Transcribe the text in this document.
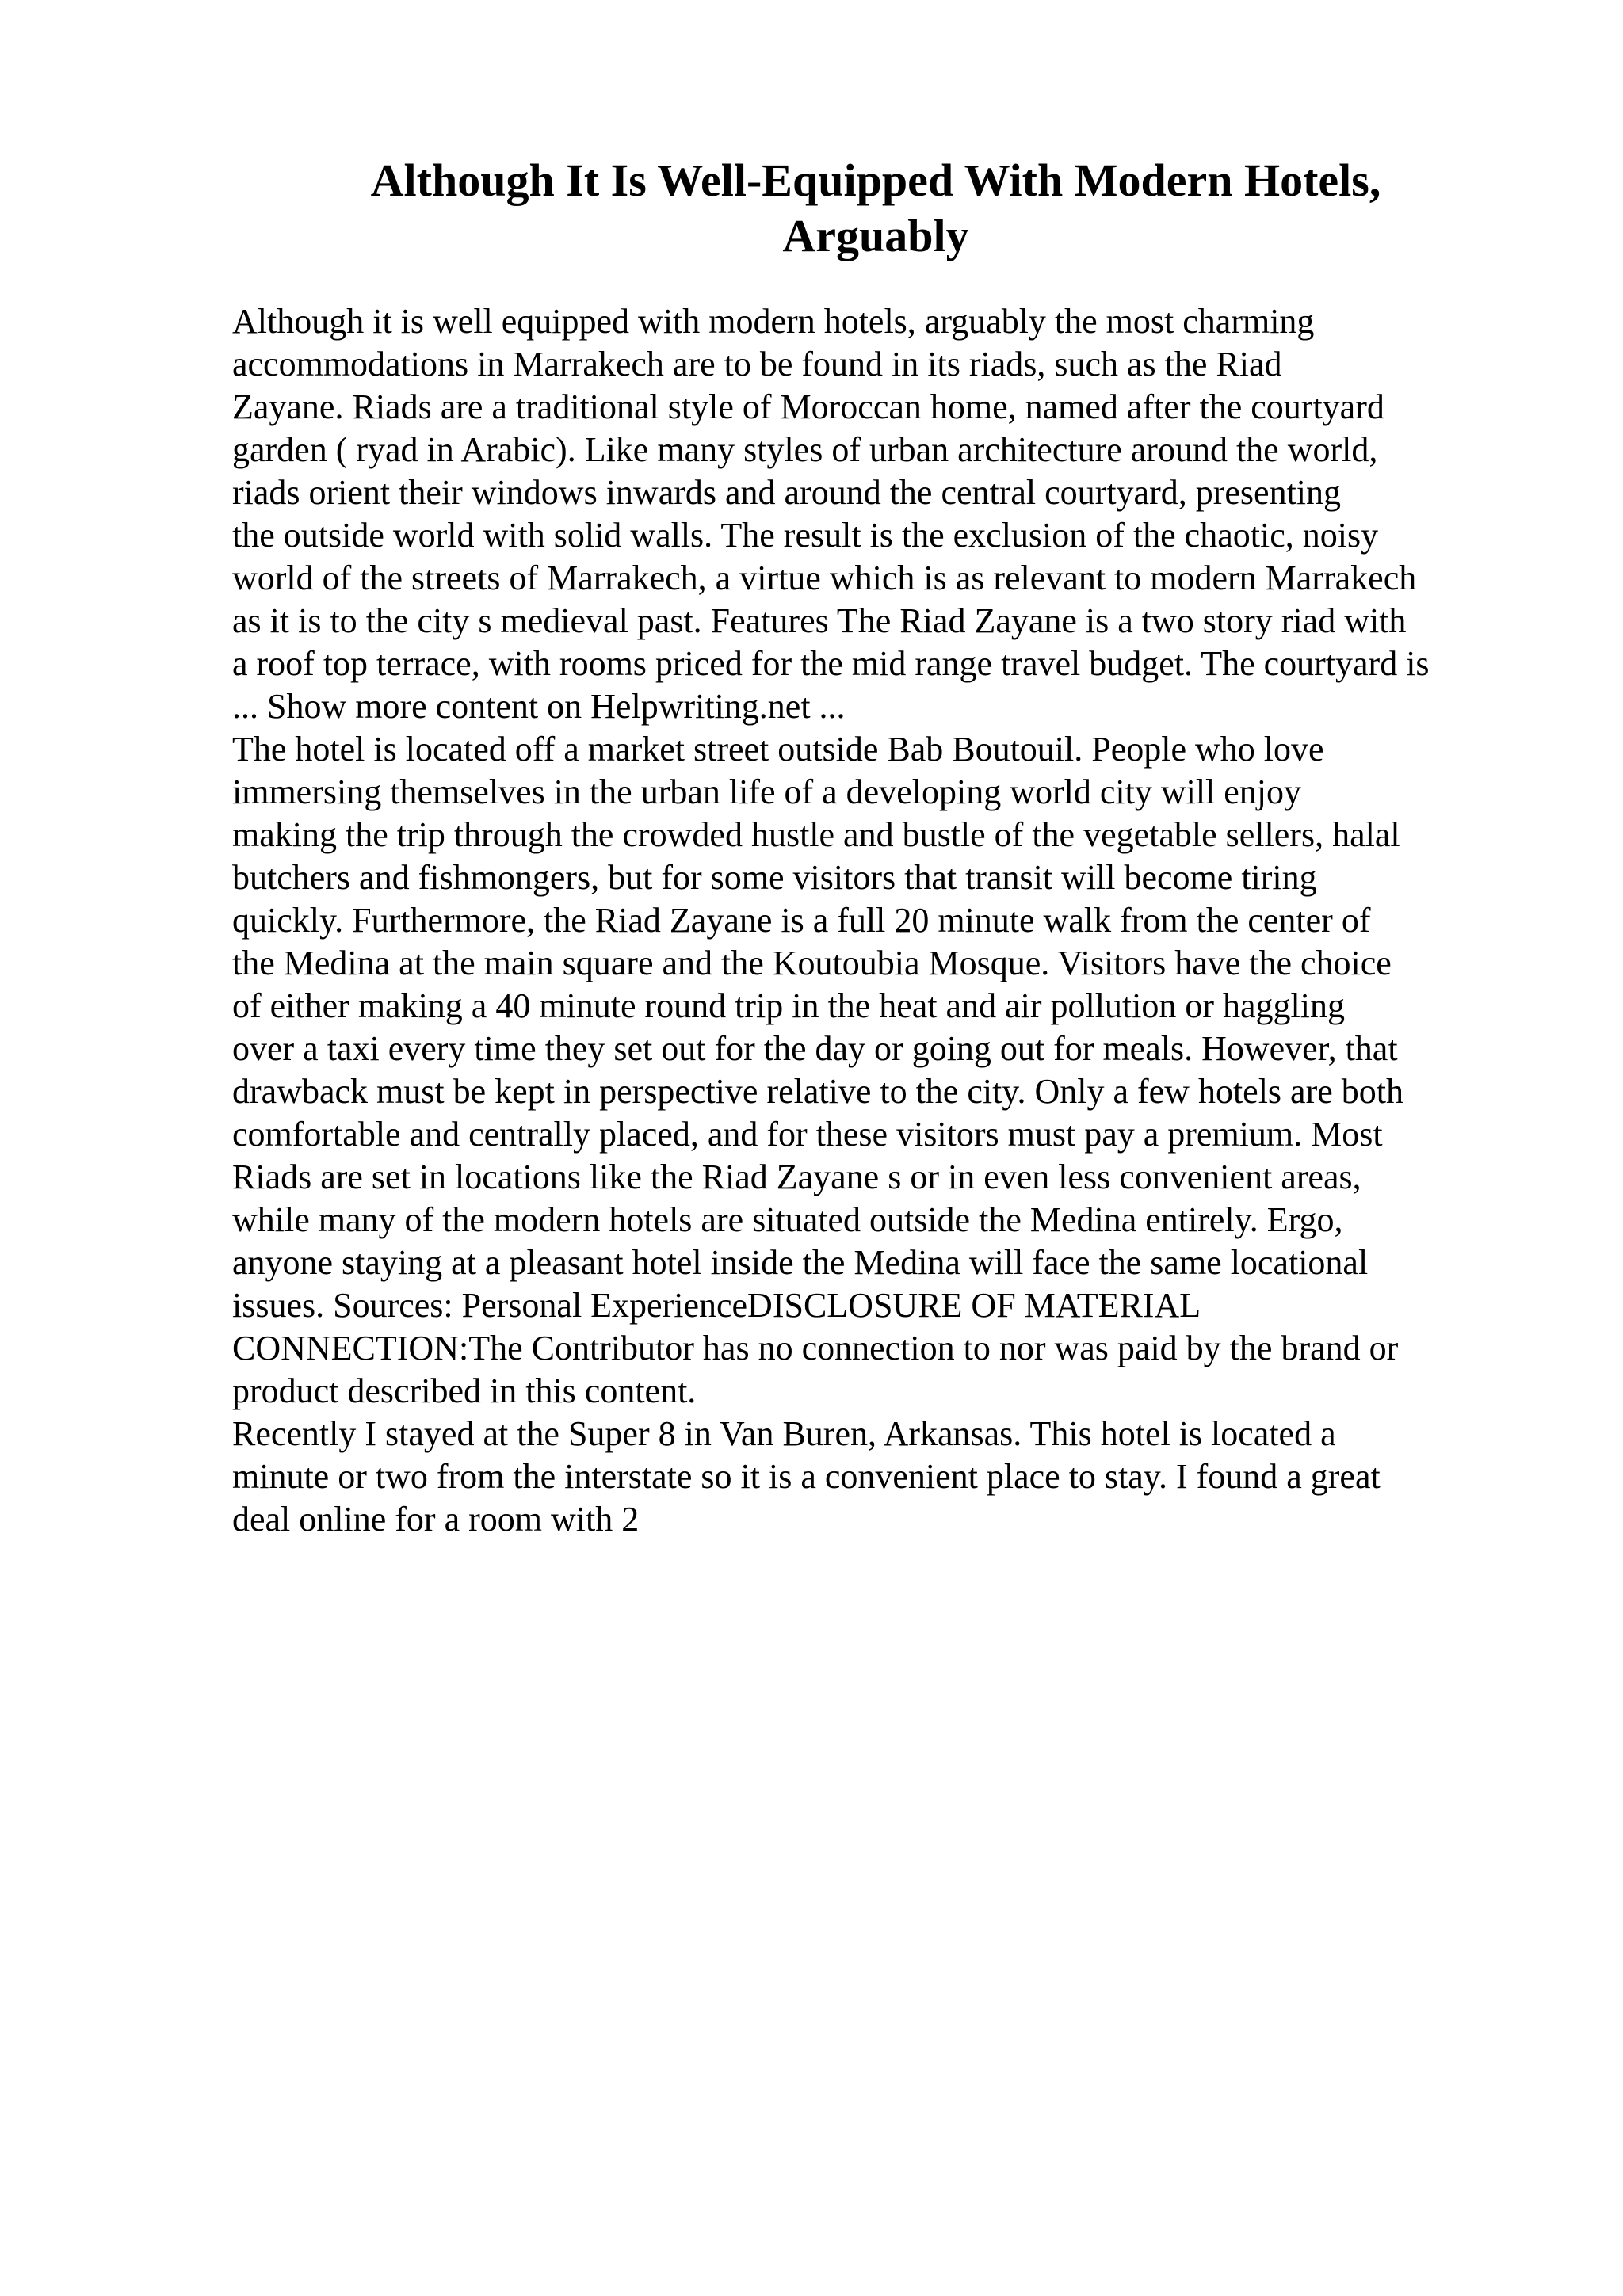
Although It Is Well-Equipped With Modern Hotels,
Arguably

Although it is well equipped with modern hotels, arguably the most charming
accommodations in Marrakech are to be found in its riads, such as the Riad
Zayane. Riads are a traditional style of Moroccan home, named after the courtyard
garden ( ryad in Arabic). Like many styles of urban architecture around the world,
riads orient their windows inwards and around the central courtyard, presenting
the outside world with solid walls. The result is the exclusion of the chaotic, noisy
world of the streets of Marrakech, a virtue which is as relevant to modern Marrakech
as it is to the city s medieval past. Features The Riad Zayane is a two story riad with
a roof top terrace, with rooms priced for the mid range travel budget. The courtyard is
... Show more content on Helpwriting.net ...

The hotel is located off a market street outside Bab Boutouil. People who love
immersing themselves in the urban life of a developing world city will enjoy
making the trip through the crowded hustle and bustle of the vegetable sellers, halal
butchers and fishmongers, but for some visitors that transit will become tiring
quickly. Furthermore, the Riad Zayane is a full 20 minute walk from the center of
the Medina at the main square and the Koutoubia Mosque. Visitors have the choice
of either making a 40 minute round trip in the heat and air pollution or haggling
over a taxi every time they set out for the day or going out for meals. However, that
drawback must be kept in perspective relative to the city. Only a few hotels are both
comfortable and centrally placed, and for these visitors must pay a premium. Most
Riads are set in locations like the Riad Zayane s or in even less convenient areas,
while many of the modern hotels are situated outside the Medina entirely. Ergo,
anyone staying at a pleasant hotel inside the Medina will face the same locational
issues. Sources: Personal ExperienceDISCLOSURE OF MATERIAL
CONNECTION:The Contributor has no connection to nor was paid by the brand or
product described in this content.

Recently I stayed at the Super 8 in Van Buren, Arkansas. This hotel is located a
minute or two from the interstate so it is a convenient place to stay. I found a great
deal online for a room with 2
